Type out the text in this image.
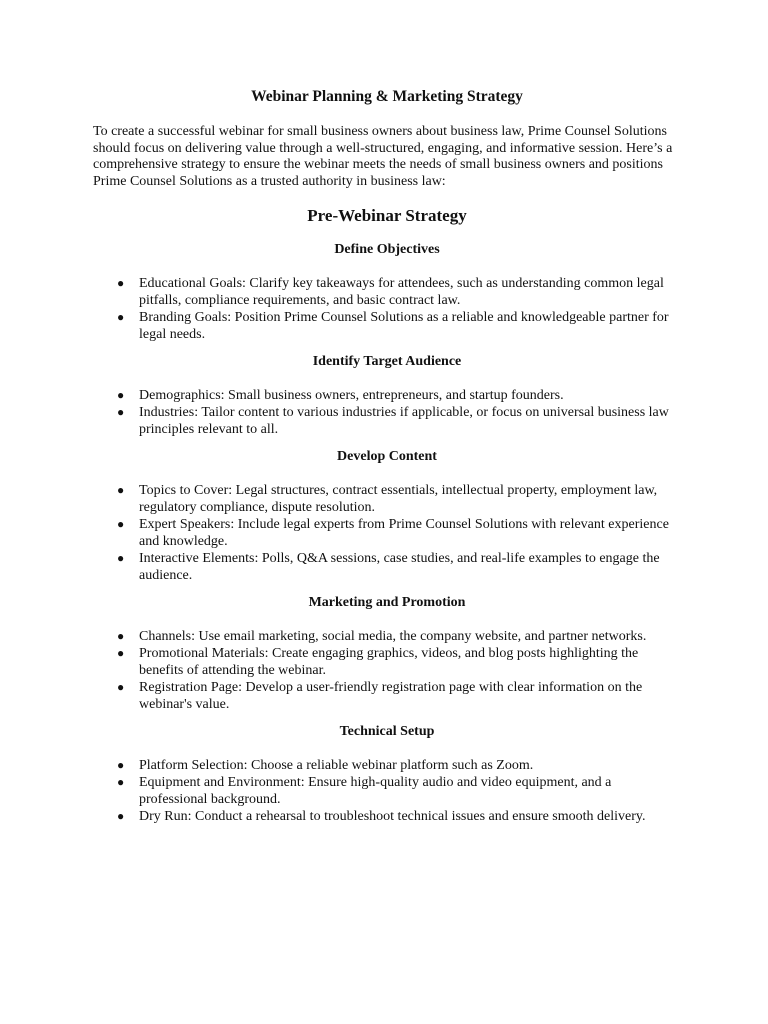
Webinar Planning & Marketing Strategy

To create a successful webinar for small business owners about business law, Prime Counsel Solutions should focus on delivering value through a well-structured, engaging, and informative session. Here’s a comprehensive strategy to ensure the webinar meets the needs of small business owners and positions Prime Counsel Solutions as a trusted authority in business law:

Pre-Webinar Strategy
Define Objectives
● Educational Goals: Clarify key takeaways for attendees, such as understanding common legal pitfalls, compliance requirements, and basic contract law.
● Branding Goals: Position Prime Counsel Solutions as a reliable and knowledgeable partner for legal needs.
Identify Target Audience
● Demographics: Small business owners, entrepreneurs, and startup founders.
● Industries: Tailor content to various industries if applicable, or focus on universal business law principles relevant to all.
Develop Content
● Topics to Cover: Legal structures, contract essentials, intellectual property, employment law, regulatory compliance, dispute resolution.
● Expert Speakers: Include legal experts from Prime Counsel Solutions with relevant experience and knowledge.
● Interactive Elements: Polls, Q&A sessions, case studies, and real-life examples to engage the audience.
Marketing and Promotion
● Channels: Use email marketing, social media, the company website, and partner networks.
● Promotional Materials: Create engaging graphics, videos, and blog posts highlighting the benefits of attending the webinar.
● Registration Page: Develop a user-friendly registration page with clear information on the webinar's value.
Technical Setup
● Platform Selection: Choose a reliable webinar platform such as Zoom.
● Equipment and Environment: Ensure high-quality audio and video equipment, and a professional background.
● Dry Run: Conduct a rehearsal to troubleshoot technical issues and ensure smooth delivery.
